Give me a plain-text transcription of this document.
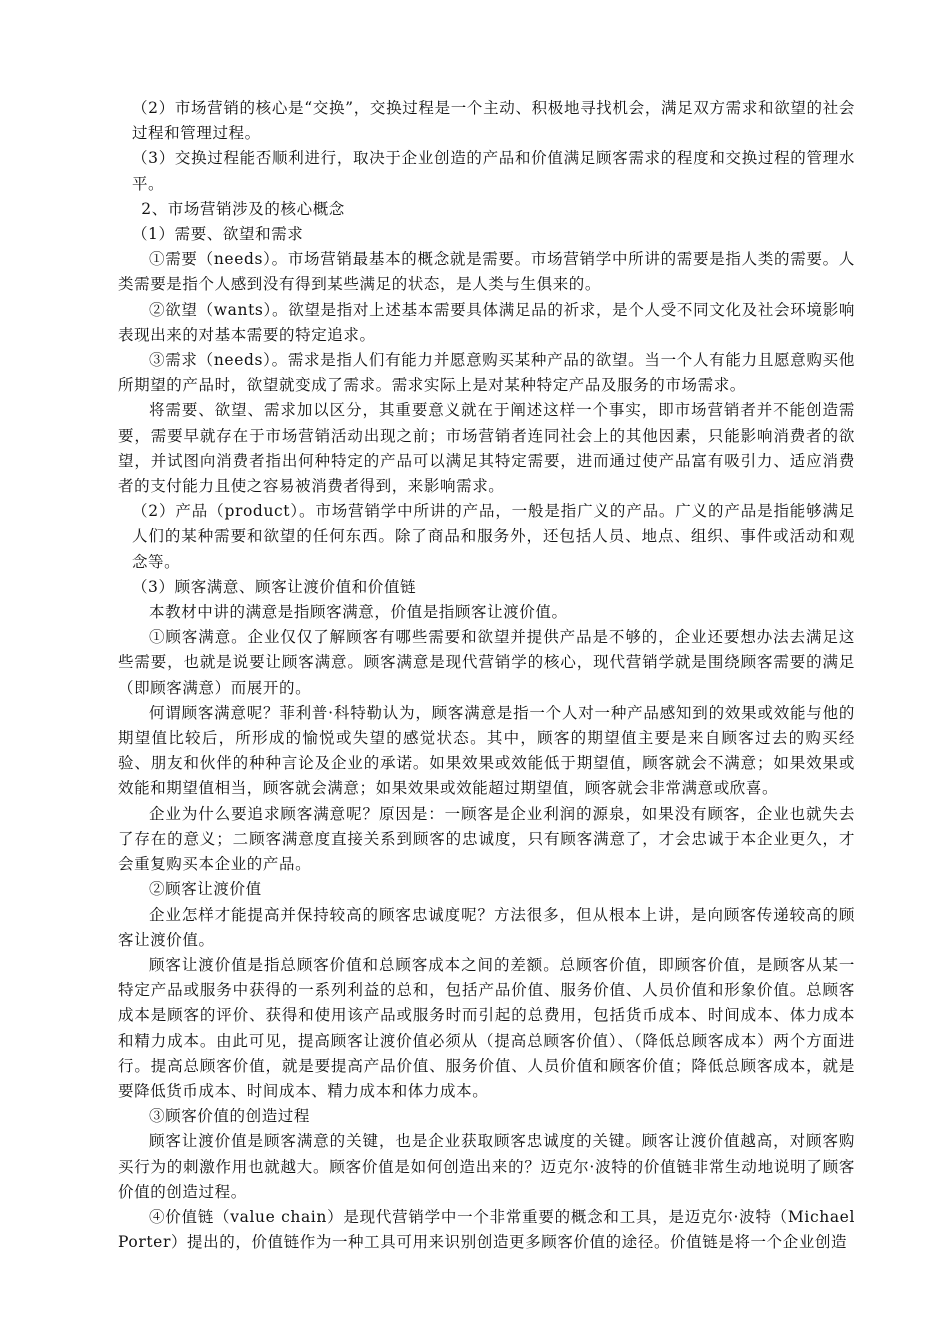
（2）市场营销的核心是“交换”，交换过程是一个主动、积极地寻找机会，满足双方需求和欲望的社会过程和管理过程。

（3）交换过程能否顺利进行，取决于企业创造的产品和价值满足顾客需求的程度和交换过程的管理水平。

2、市场营销涉及的核心概念

（1）需要、欲望和需求

①需要（needs）。市场营销最基本的概念就是需要。市场营销学中所讲的需要是指人类的需要。人类需要是指个人感到没有得到某些满足的状态，是人类与生俱来的。

②欲望（wants）。欲望是指对上述基本需要具体满足品的祈求，是个人受不同文化及社会环境影响表现出来的对基本需要的特定追求。

③需求（needs）。需求是指人们有能力并愿意购买某种产品的欲望。当一个人有能力且愿意购买他所期望的产品时，欲望就变成了需求。需求实际上是对某种特定产品及服务的市场需求。

将需要、欲望、需求加以区分，其重要意义就在于阐述这样一个事实，即市场营销者并不能创造需要，需要早就存在于市场营销活动出现之前；市场营销者连同社会上的其他因素，只能影响消费者的欲望，并试图向消费者指出何种特定的产品可以满足其特定需要，进而通过使产品富有吸引力、适应消费者的支付能力且使之容易被消费者得到，来影响需求。

（2）产品（product）。市场营销学中所讲的产品，一般是指广义的产品。广义的产品是指能够满足人们的某种需要和欲望的任何东西。除了商品和服务外，还包括人员、地点、组织、事件或活动和观念等。

（3）顾客满意、顾客让渡价值和价值链

本教材中讲的满意是指顾客满意，价值是指顾客让渡价值。

①顾客满意。企业仅仅了解顾客有哪些需要和欲望并提供产品是不够的，企业还要想办法去满足这些需要，也就是说要让顾客满意。顾客满意是现代营销学的核心，现代营销学就是围绕顾客需要的满足（即顾客满意）而展开的。

何谓顾客满意呢？菲利普·科特勒认为，顾客满意是指一个人对一种产品感知到的效果或效能与他的期望值比较后，所形成的愉悦或失望的感觉状态。其中，顾客的期望值主要是来自顾客过去的购买经验、朋友和伙伴的种种言论及企业的承诺。如果效果或效能低于期望值，顾客就会不满意；如果效果或效能和期望值相当，顾客就会满意；如果效果或效能超过期望值，顾客就会非常满意或欣喜。

企业为什么要追求顾客满意呢？原因是：一顾客是企业利润的源泉，如果没有顾客，企业也就失去了存在的意义；二顾客满意度直接关系到顾客的忠诚度，只有顾客满意了，才会忠诚于本企业更久，才会重复购买本企业的产品。

②顾客让渡价值

企业怎样才能提高并保持较高的顾客忠诚度呢？方法很多，但从根本上讲，是向顾客传递较高的顾客让渡价值。

顾客让渡价值是指总顾客价值和总顾客成本之间的差额。总顾客价值，即顾客价值，是顾客从某一特定产品或服务中获得的一系列利益的总和，包括产品价值、服务价值、人员价值和形象价值。总顾客成本是顾客的评价、获得和使用该产品或服务时而引起的总费用，包括货币成本、时间成本、体力成本和精力成本。由此可见，提高顾客让渡价值必须从（提高总顾客价值）、（降低总顾客成本）两个方面进行。提高总顾客价值，就是要提高产品价值、服务价值、人员价值和顾客价值；降低总顾客成本，就是要降低货币成本、时间成本、精力成本和体力成本。

③顾客价值的创造过程

顾客让渡价值是顾客满意的关键，也是企业获取顾客忠诚度的关键。顾客让渡价值越高，对顾客购买行为的刺激作用也就越大。顾客价值是如何创造出来的？迈克尔·波特的价值链非常生动地说明了顾客价值的创造过程。

④价值链（value chain）是现代营销学中一个非常重要的概念和工具，是迈克尔·波特（Michael Porter）提出的，价值链作为一种工具可用来识别创造更多顾客价值的途径。价值链是将一个企业创造
